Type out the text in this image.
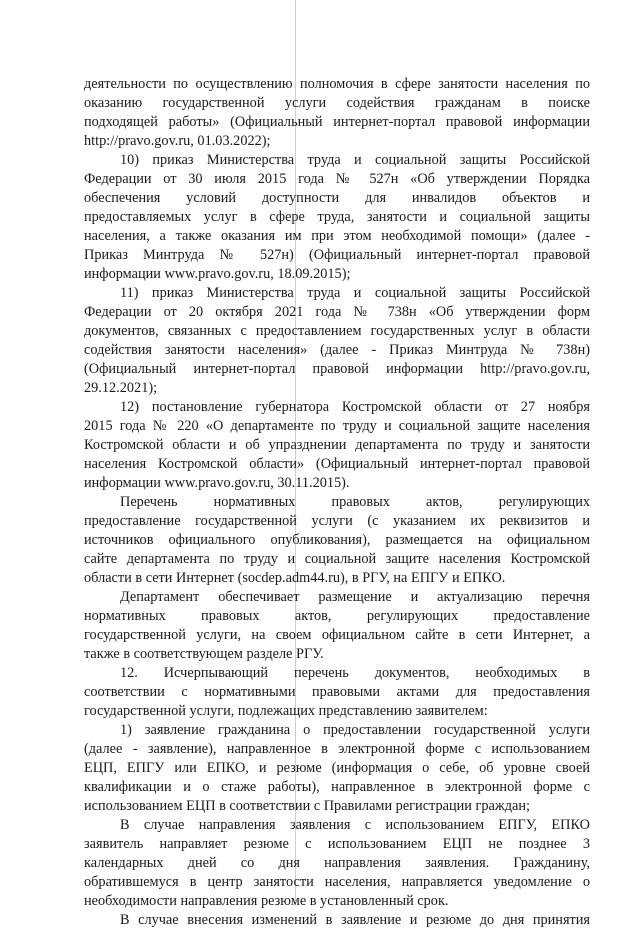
деятельности по осуществлению полномочия в сфере занятости населения по

оказанию государственной услуги содействия гражданам в поиске

подходящей работы» (Официальный интернет-портал правовой информации

http://pravo.gov.ru, 01.03.2022);

10) приказ Министерства труда и социальной защиты Российской

Федерации от 30 июля 2015 года № 527н «Об утверждении Порядка

обеспечения условий доступности для инвалидов объектов и

предоставляемых услуг в сфере труда, занятости и социальной защиты

населения, а также оказания им при этом необходимой помощи» (далее -

Приказ Минтруда № 527н) (Официальный интернет-портал правовой

информации www.pravo.gov.ru, 18.09.2015);

11) приказ Министерства труда и социальной защиты Российской

Федерации от 20 октября 2021 года № 738н «Об утверждении форм

документов, связанных с предоставлением государственных услуг в области

содействия занятости населения» (далее - Приказ Минтруда № 738н)

(Официальный интернет-портал правовой информации http://pravo.gov.ru,

29.12.2021);

12) постановление губернатора Костромской области от 27 ноября

2015 года № 220 «О департаменте по труду и социальной защите населения

Костромской области и об упразднении департамента по труду и занятости

населения Костромской области» (Официальный интернет-портал правовой

информации www.pravo.gov.ru, 30.11.2015).

Перечень нормативных правовых актов, регулирующих

предоставление государственной услуги (с указанием их реквизитов и

источников официального опубликования), размещается на официальном

сайте департамента по труду и социальной защите населения Костромской

области в сети Интернет (socdep.adm44.ru), в РГУ, на ЕПГУ и ЕПКО.

Департамент обеспечивает размещение и актуализацию перечня

нормативных правовых актов, регулирующих предоставление

государственной услуги, на своем официальном сайте в сети Интернет, а

также в соответствующем разделе РГУ.

12. Исчерпывающий перечень документов, необходимых в

соответствии с нормативными правовыми актами для предоставления

государственной услуги, подлежащих представлению заявителем:

1) заявление гражданина о предоставлении государственной услуги

(далее - заявление), направленное в электронной форме с использованием

ЕЦП, ЕПГУ или ЕПКО, и резюме (информация о себе, об уровне своей

квалификации и о стаже работы), направленное в электронной форме с

использованием ЕЦП в соответствии с Правилами регистрации граждан;

В случае направления заявления с использованием ЕПГУ, ЕПКО

заявитель направляет резюме с использованием ЕЦП не позднее 3

календарных дней со дня направления заявления. Гражданину,

обратившемуся в центр занятости населения, направляется уведомление о

необходимости направления резюме в установленный срок.

В случае внесения изменений в заявление и резюме до дня принятия
